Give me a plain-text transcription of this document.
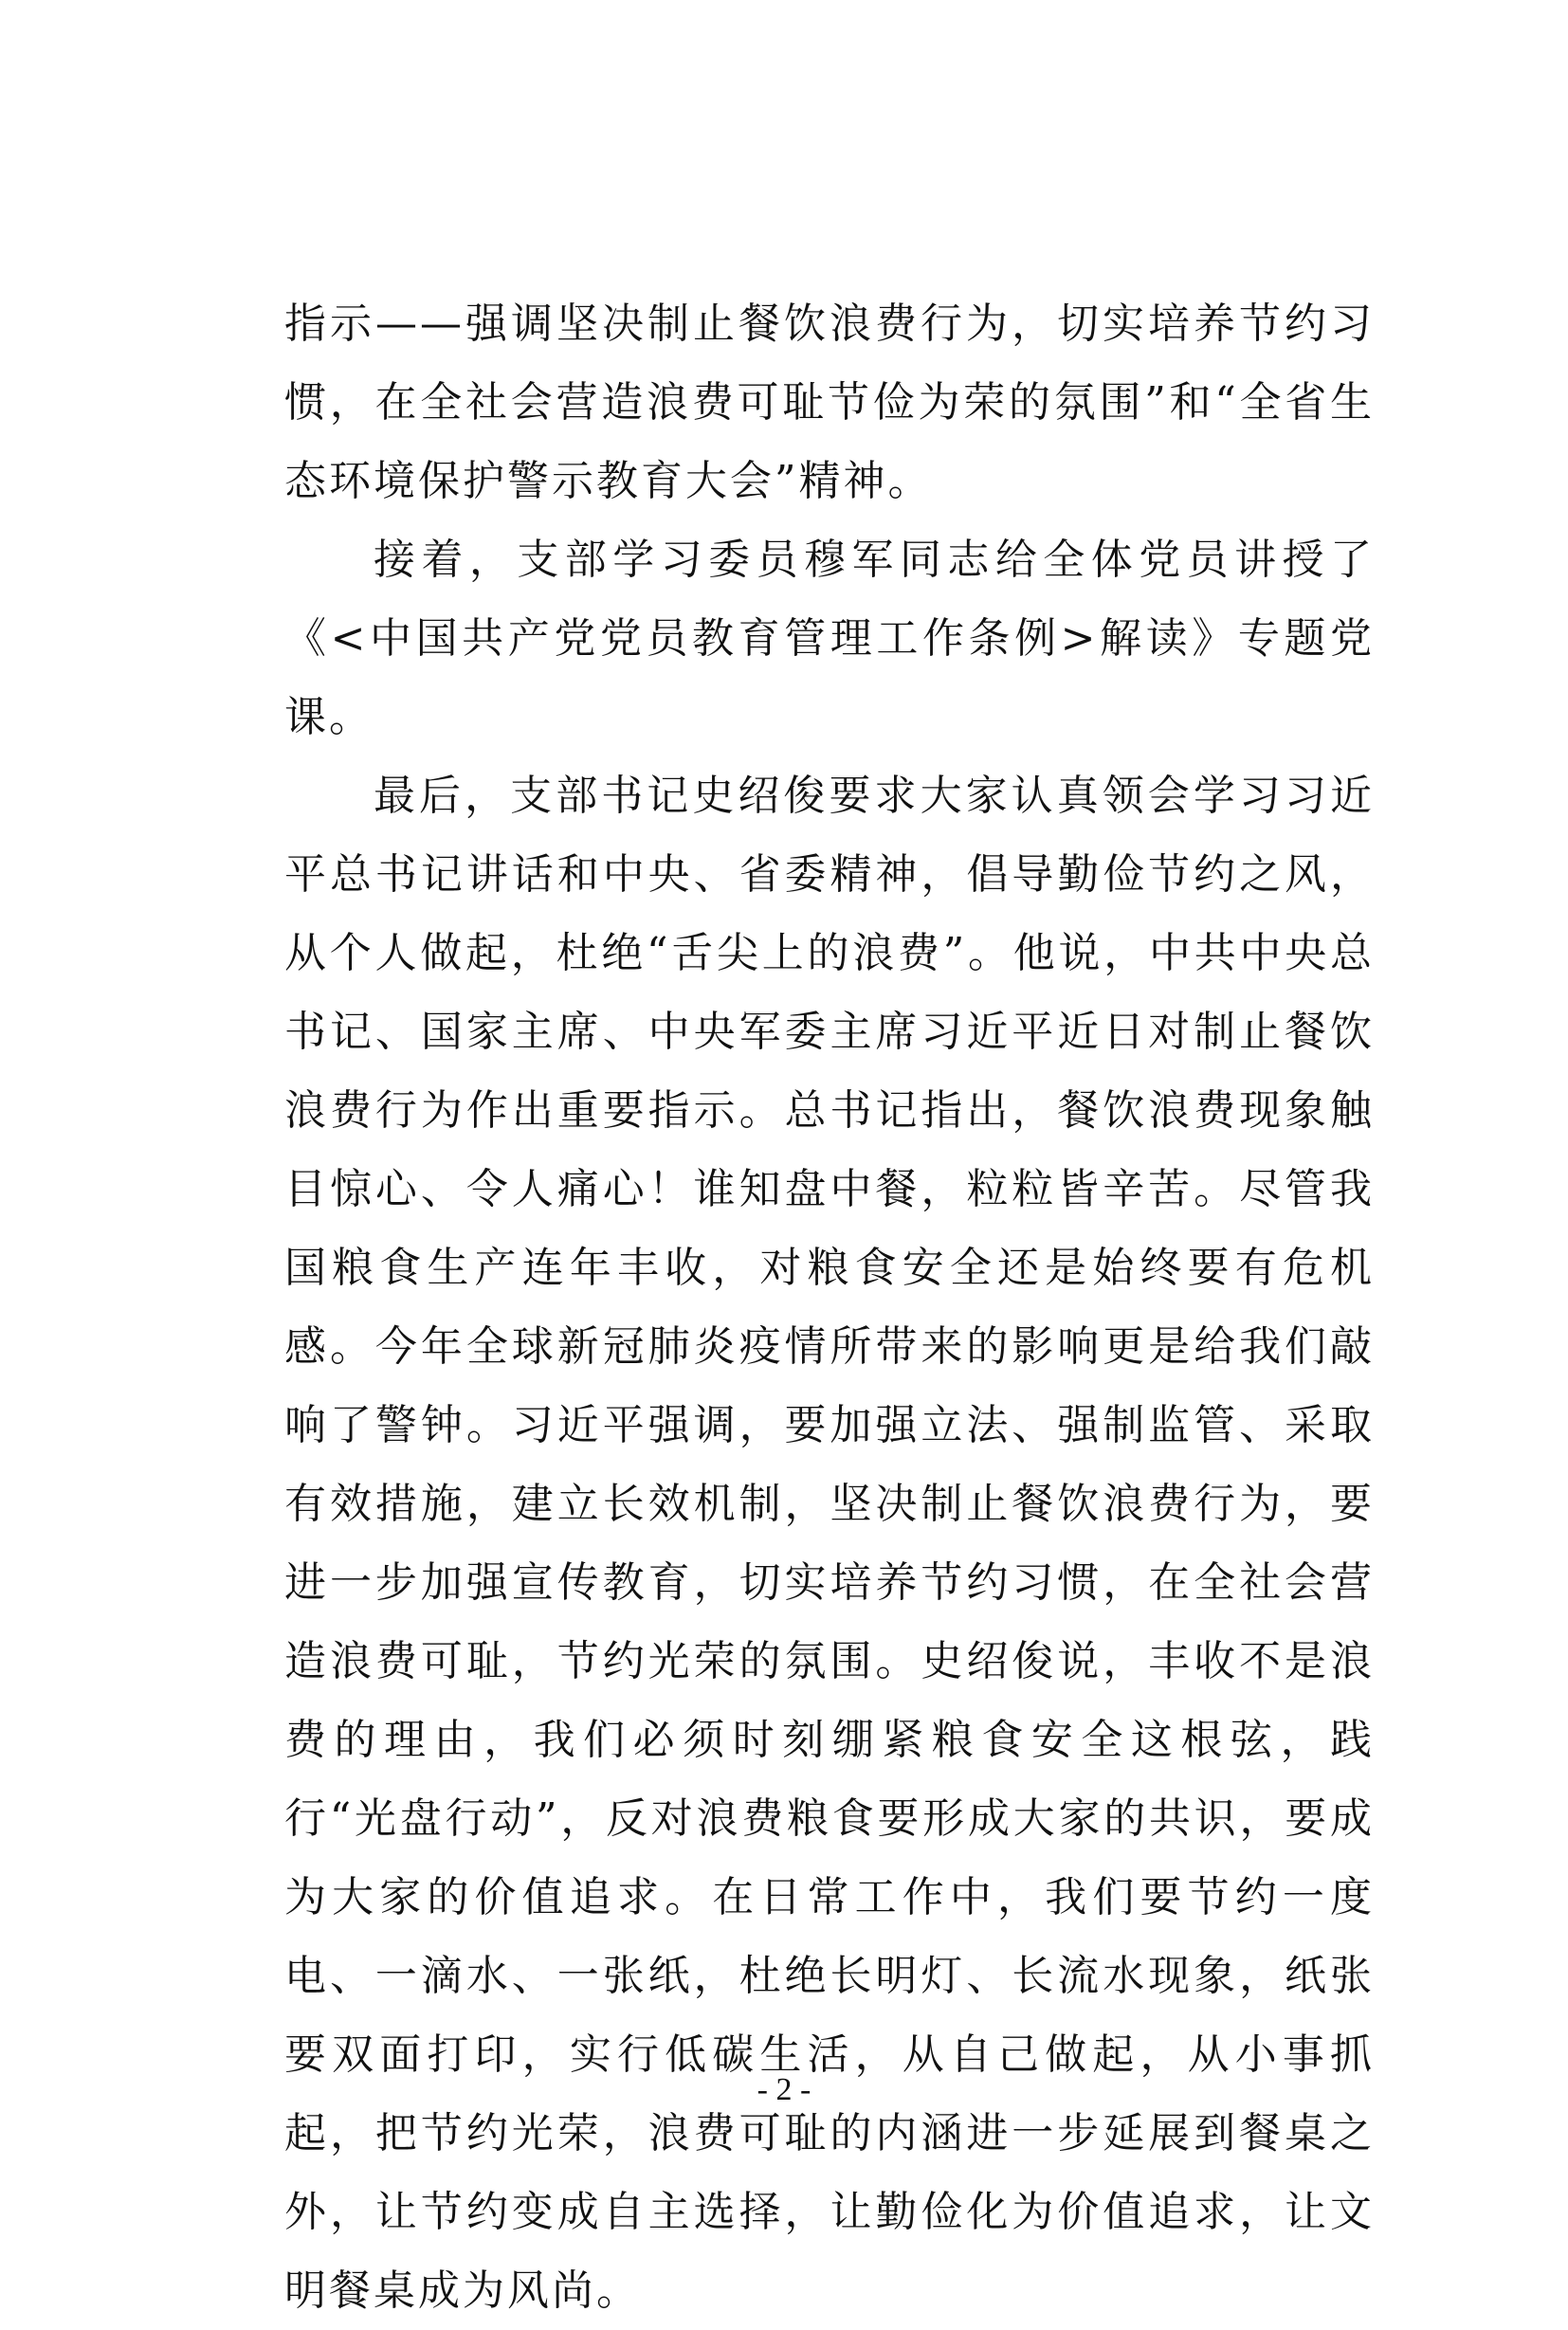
指示——强调坚决制止餐饮浪费行为，切实培养节约习惯，在全社会营造浪费可耻节俭为荣的氛围”和“全省生态环境保护警示教育大会”精神。

接着，支部学习委员穆军同志给全体党员讲授了《<中国共产党党员教育管理工作条例>解读》专题党课。

最后，支部书记史绍俊要求大家认真领会学习习近平总书记讲话和中央、省委精神，倡导勤俭节约之风，从个人做起，杜绝“舌尖上的浪费”。他说，中共中央总书记、国家主席、中央军委主席习近平近日对制止餐饮浪费行为作出重要指示。总书记指出，餐饮浪费现象触目惊心、令人痛心！谁知盘中餐，粒粒皆辛苦。尽管我国粮食生产连年丰收，对粮食安全还是始终要有危机感。今年全球新冠肺炎疫情所带来的影响更是给我们敲响了警钟。习近平强调，要加强立法、强制监管、采取有效措施，建立长效机制，坚决制止餐饮浪费行为，要进一步加强宣传教育，切实培养节约习惯，在全社会营造浪费可耻，节约光荣的氛围。史绍俊说，丰收不是浪费的理由，我们必须时刻绷紧粮食安全这根弦，践行“光盘行动”，反对浪费粮食要形成大家的共识，要成为大家的价值追求。在日常工作中，我们要节约一度电、一滴水、一张纸，杜绝长明灯、长流水现象，纸张要双面打印，实行低碳生活，从自己做起，从小事抓起，把节约光荣，浪费可耻的内涵进一步延展到餐桌之外，让节约变成自主选择，让勤俭化为价值追求，让文明餐桌成为风尚。

- 2 -
